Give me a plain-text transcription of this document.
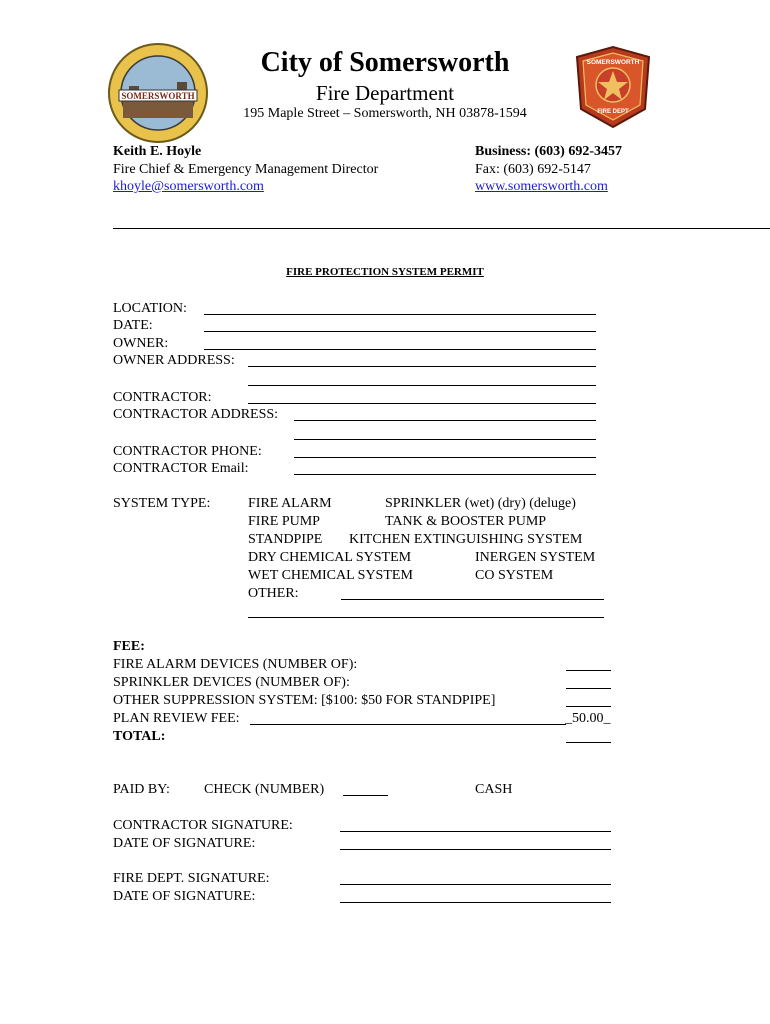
SOMERSWORTH
SOMERSWORTH
FIRE DEPT
City of Somersworth
Fire Department
195 Maple Street – Somersworth, NH 03878-1594
Keith E. Hoyle
Fire Chief & Emergency Management Director
khoyle@somersworth.com
Business: (603) 692-3457
Fax: (603) 692-5147
www.somersworth.com
FIRE PROTECTION SYSTEM PERMIT
LOCATION:
DATE:
OWNER:
OWNER ADDRESS:
CONTRACTOR:
CONTRACTOR ADDRESS:
CONTRACTOR PHONE:
CONTRACTOR Email:
SYSTEM TYPE:	FIRE ALARM	SPRINKLER (wet) (dry) (deluge)
FIRE PUMP	TANK & BOOSTER PUMP
STANDPIPE KITCHEN EXTINGUISHING SYSTEM
DRY CHEMICAL SYSTEM	INERGEN SYSTEM
WET CHEMICAL SYSTEM	CO SYSTEM
OTHER:
FEE:
FIRE ALARM DEVICES (NUMBER OF):
SPRINKLER DEVICES (NUMBER OF):
OTHER SUPPRESSION SYSTEM: [$100: $50 FOR STANDPIPE]
PLAN REVIEW FEE:	_50.00_
TOTAL:
PAID BY: CHECK (NUMBER)	CASH
CONTRACTOR SIGNATURE:
DATE OF SIGNATURE:
FIRE DEPT. SIGNATURE:
DATE OF SIGNATURE:
